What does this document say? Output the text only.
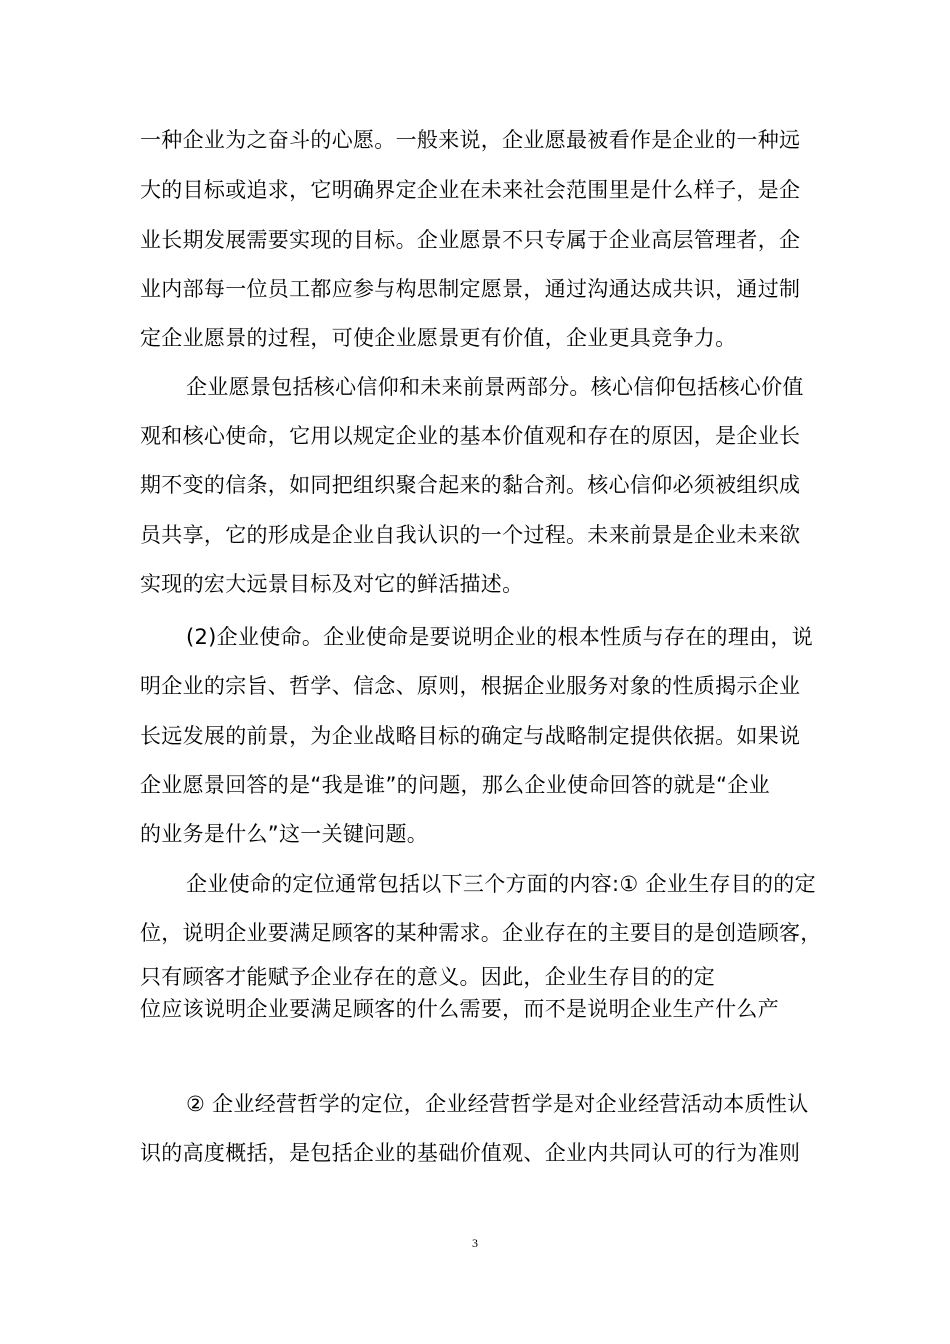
一种企业为之奋斗的心愿。一般来说，企业愿最被看作是企业的一种远
大的目标或追求，它明确界定企业在未来社会范围里是什么样子，是企
业长期发展需要实现的目标。企业愿景不只专属于企业高层管理者，企
业内部每一位员工都应参与构思制定愿景，通过沟通达成共识，通过制
定企业愿景的过程，可使企业愿景更有价值，企业更具竞争力。
企业愿景包括核心信仰和未来前景两部分。核心信仰包括核心价值
观和核心使命，它用以规定企业的基本价值观和存在的原因，是企业长
期不变的信条，如同把组织聚合起来的黏合剂。核心信仰必须被组织成
员共享，它的形成是企业自我认识的一个过程。未来前景是企业未来欲
实现的宏大远景目标及对它的鲜活描述。
(2)企业使命。企业使命是要说明企业的根本性质与存在的理由，说
明企业的宗旨、哲学、信念、原则，根据企业服务对象的性质揭示企业
长远发展的前景，为企业战略目标的确定与战略制定提供依据。如果说
企业愿景回答的是“我是谁”的问题，那么企业使命回答的就是“企业
的业务是什么”这一关键问题。
企业使命的定位通常包括以下三个方面的内容:① 企业生存目的的定
位，说明企业要满足顾客的某种需求。企业存在的主要目的是创造顾客，
只有顾客才能赋予企业存在的意义。因此，企业生存目的的定
位应该说明企业要满足顾客的什么需要，而不是说明企业生产什么产
② 企业经营哲学的定位，企业经营哲学是对企业经营活动本质性认
识的高度概括，是包括企业的基础价值观、企业内共同认可的行为准则
3
